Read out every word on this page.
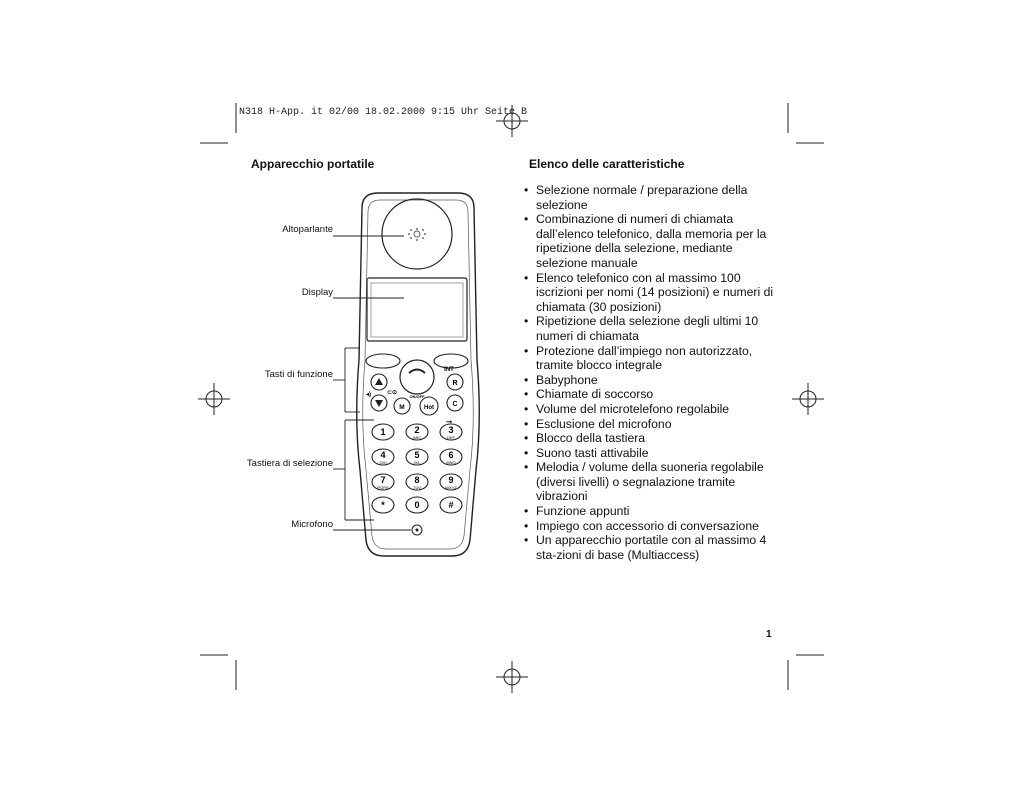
N318 H-App. it 02/00 18.02.2000 9:15 Uhr Seite B
Apparecchio portatile	Elenco delle caratteristiche
◂)	⊂⊙
R
INT
ON/OFF
M	Hot	C
⊸
1	2
ABC
3
DEF
4
GHI
5
JKL
6
MNO
7
PQRS
8
TUV
9
WXYZ
*	0	#
Altoparlante
Display
Tasti di funzione
Tastiera di selezione
Microfono
• Selezione normale / preparazione della selezione
• Combinazione di numeri di chiamata dall’elenco telefonico, dalla memoria per la ripetizione della selezione, mediante selezione manuale
• Elenco telefonico con al massimo 100 iscrizioni per nomi (14 posizioni) e numeri di chiamata (30 posizioni)
• Ripetizione della selezione degli ultimi 10 numeri di chiamata
• Protezione dall’impiego non autorizzato, tramite blocco integrale
• Babyphone
• Chiamate di soccorso
• Volume del microtelefono regolabile
• Esclusione del microfono
• Blocco della tastiera
• Suono tasti attivabile
• Melodia / volume della suoneria regolabile (diversi livelli) o segnalazione tramite vibrazioni
• Funzione appunti
• Impiego con accessorio di conversazione
• Un apparecchio portatile con al massimo 4 sta-zioni di base (Multiaccess)
1
